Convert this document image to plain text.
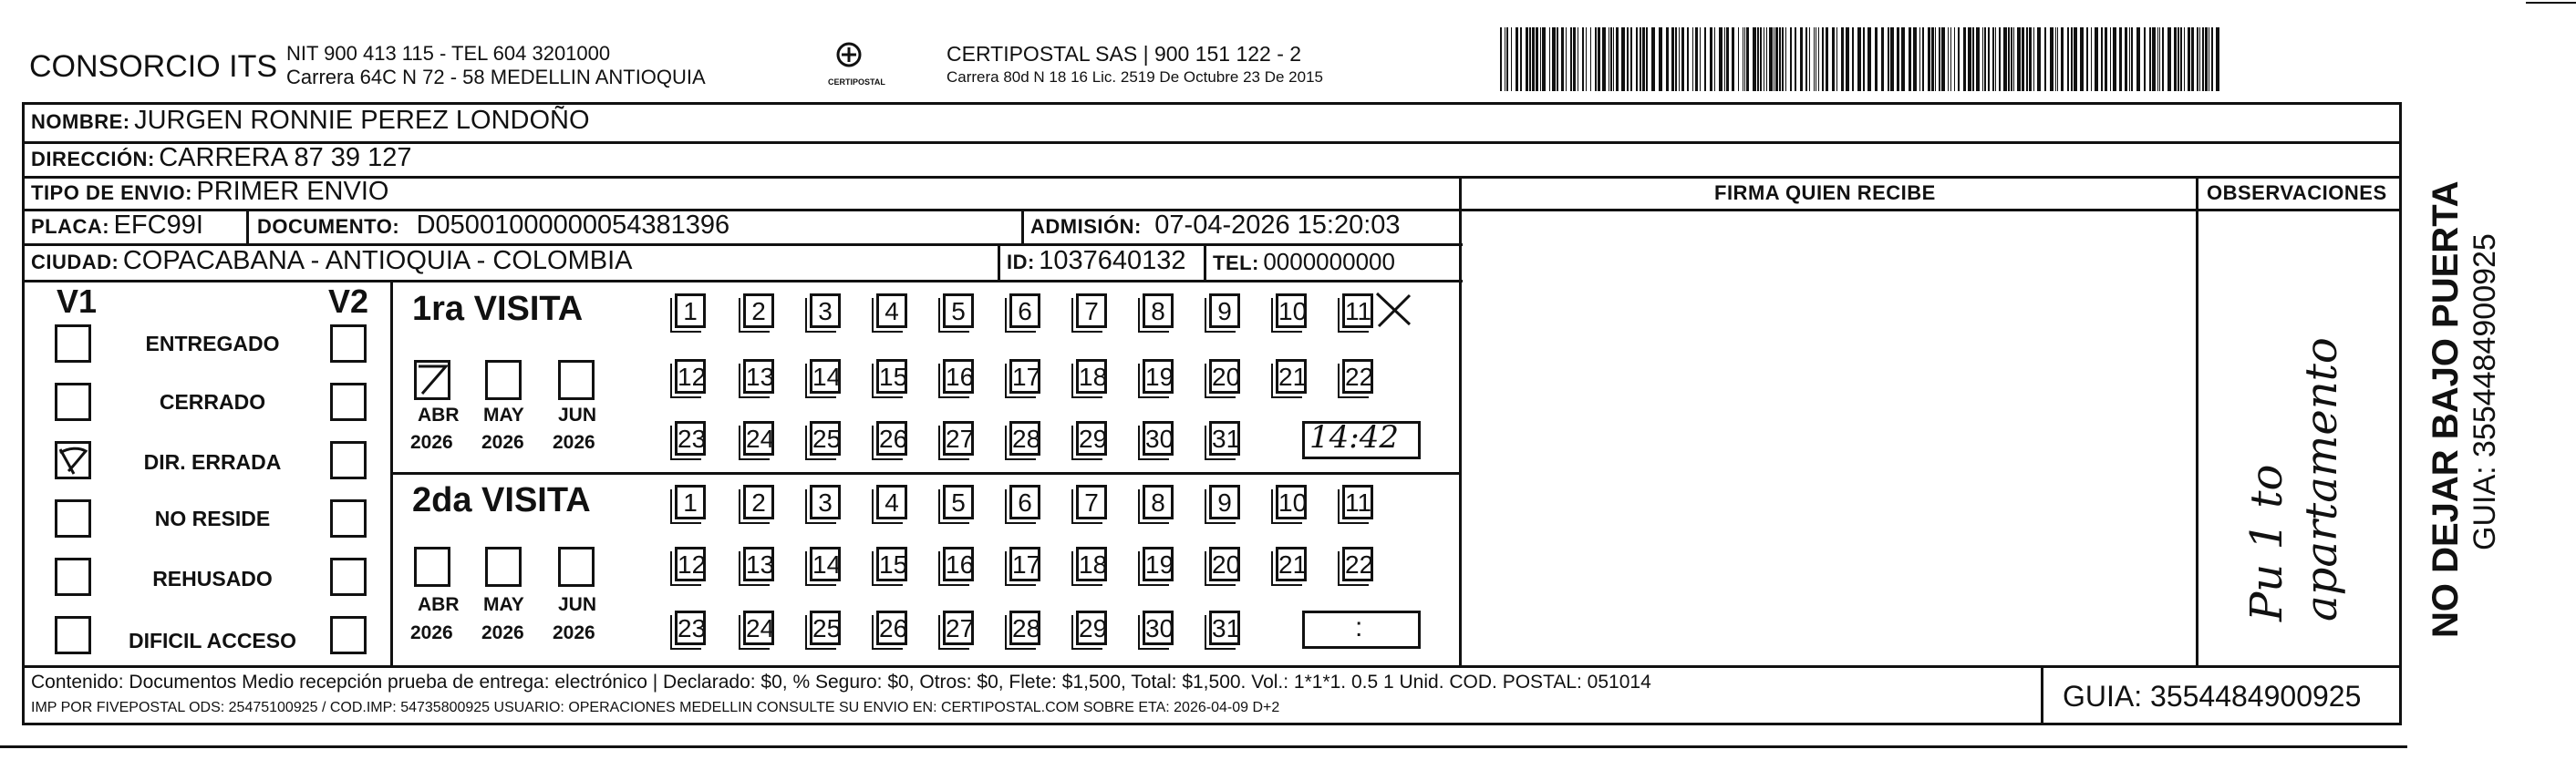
CONSORCIO ITS NIT 900 413 115 - TEL 604 3201000
Carrera 64C N 72 - 58 MEDELLIN ANTIOQUIA	CERTIPOSTAL
CERTIPOSTAL SAS | 900 151 122 - 2
Carrera 80d N 18 16 Lic. 2519 De Octubre 23 De 2015
NOMBRE: JURGEN RONNIE PEREZ LONDOÑO
DIRECCIÓN: CARRERA 87 39 127
TIPO DE ENVIO: PRIMER ENVIO	FIRMA QUIEN RECIBE	OBSERVACIONES
PLACA: EFC99I	DOCUMENTO: D05001000000054381396	ADMISIÓN: 07-04-2026 15:20:03
CIUDAD: COPACABANA - ANTIOQUIA - COLOMBIA	ID: 1037640132 TEL: 0000000000
V1	V2
ENTREGADO
CERRADO
DIR. ERRADA
NO RESIDE
REHUSADO
DIFICIL ACCESO
1ra VISITA
ABR MAY JUN
2026 2026 2026
1	2	3	4	5	6	7	8	9	10 11
12 13 14 15 16 17 18 19 20 21 22
23 24 25 26 27 28 29 30 31 14:42
2da VISITA
ABR MAY JUN
2026 2026 2026
1	2	3	4	5	6	7	8	9	10 11
12 13 14 15 16 17 18 19 20 21 22
23 24 25 26 27 28 29 30 31	:
Pu 1 to apartamento
Contenido: Documentos Medio recepción prueba de entrega: electrónico | Declarado: $0, % Seguro: $0, Otros: $0, Flete: $1,500, Total: $1,500. Vol.: 1*1*1. 0.5 1 Unid. COD. POSTAL: 051014
IMP POR FIVEPOSTAL ODS: 25475100925 / COD.IMP: 54735800925 USUARIO: OPERACIONES MEDELLIN CONSULTE SU ENVIO EN: CERTIPOSTAL.COM SOBRE ETA: 2026-04-09 D+2	GUIA: 3554484900925
NO DEJAR BAJO PUERTA GUIA: 3554484900925
